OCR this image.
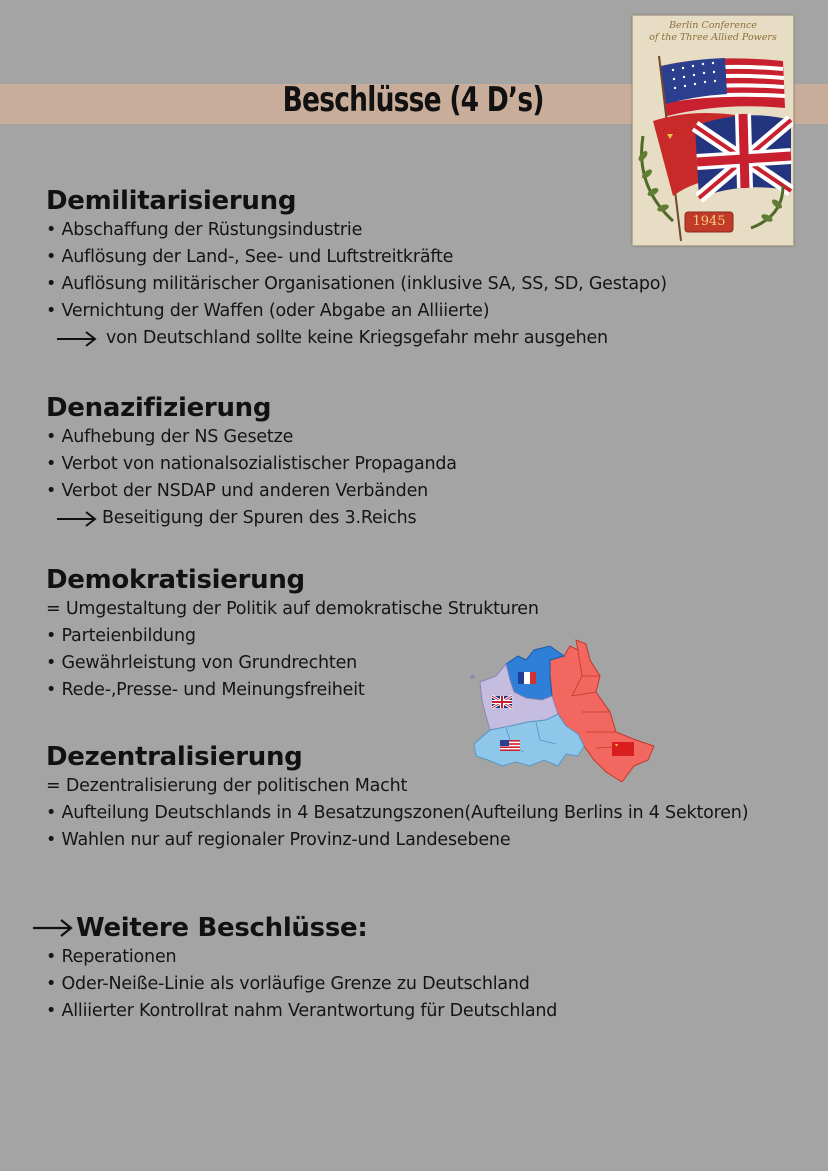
Beschlüsse (4 D’s)
Berlin Conference
of the Three Allied Powers
1945
Demilitarisierung
• Abschaffung der Rüstungsindustrie
• Auflösung der Land-, See- und Luftstreitkräfte
• Auflösung militärischer Organisationen (inklusive SA, SS, SD, Gestapo)
• Vernichtung der Waffen (oder Abgabe an Alliierte)
von Deutschland sollte keine Kriegsgefahr mehr ausgehen
Denazifizierung
• Aufhebung der NS Gesetze
• Verbot von nationalsozialistischer Propaganda
• Verbot der NSDAP und anderen Verbänden
Beseitigung der Spuren des 3.Reichs
Demokratisierung
= Umgestaltung der Politik auf demokratische Strukturen
• Parteienbildung
• Gewährleistung von Grundrechten
• Rede-,Presse- und Meinungsfreiheit
Dezentralisierung
= Dezentralisierung der politischen Macht
• Aufteilung Deutschlands in 4 Besatzungszonen(Aufteilung Berlins in 4 Sektoren)
• Wahlen nur auf regionaler Provinz-und Landesebene
Weitere Beschlüsse:
• Reperationen
• Oder-Neiße-Linie als vorläufige Grenze zu Deutschland
• Alliierter Kontrollrat nahm Verantwortung für Deutschland
